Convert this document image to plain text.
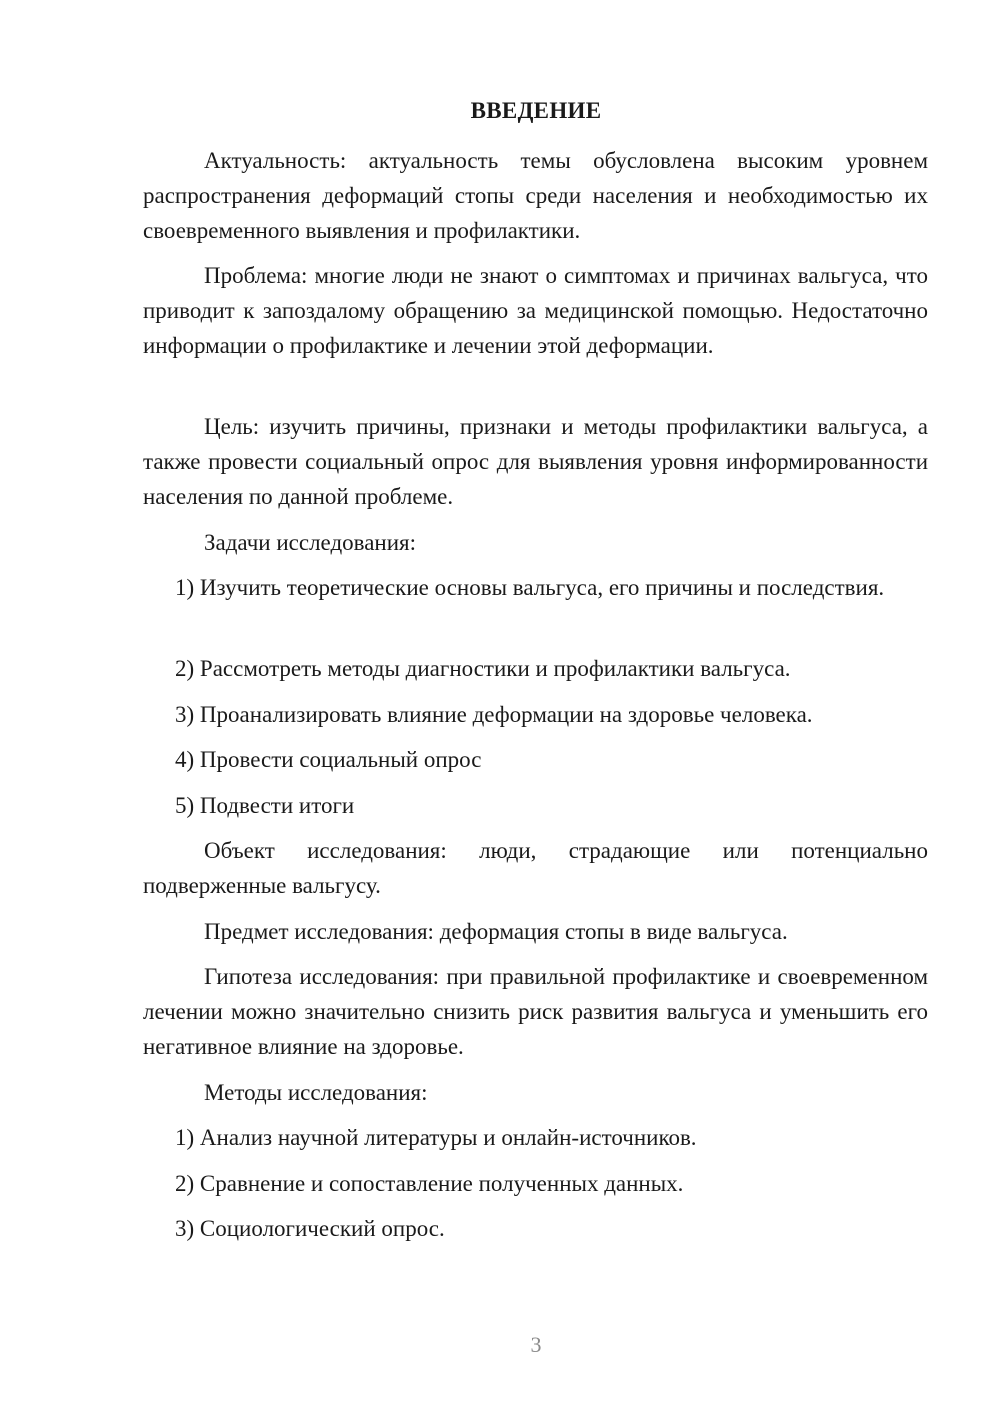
ВВЕДЕНИЕ

Актуальность: актуальность темы обусловлена высоким уровнем распространения деформаций стопы среди населения и необходимостью их своевременного выявления и профилактики.

Проблема: многие люди не знают о симптомах и причинах вальгуса, что приводит к запоздалому обращению за медицинской помощью. Недостаточно информации о профилактике и лечении этой деформации.

Цель: изучить причины, признаки и методы профилактики вальгуса, а также провести социальный опрос для выявления уровня информированности населения по данной проблеме.

Задачи исследования:

1) Изучить теоретические основы вальгуса, его причины и последствия.

2) Рассмотреть методы диагностики и профилактики вальгуса.

3) Проанализировать влияние деформации на здоровье человека.

4) Провести социальный опрос

5) Подвести итоги

Объект исследования: люди, страдающие или потенциально подверженные вальгусу.

Предмет исследования: деформация стопы в виде вальгуса.

Гипотеза исследования: при правильной профилактике и своевременном лечении можно значительно снизить риск развития вальгуса и уменьшить его негативное влияние на здоровье.

Методы исследования:

1) Анализ научной литературы и онлайн-источников.

2) Сравнение и сопоставление полученных данных.

3) Социологический опрос.

3
